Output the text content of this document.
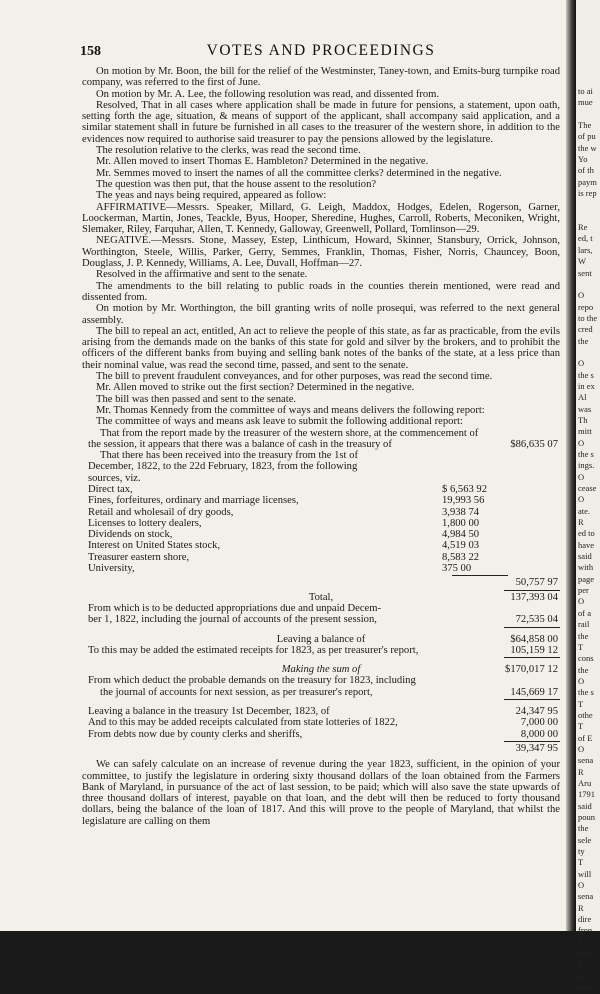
158	VOTES AND PROCEEDINGS

On motion by Mr. Boon, the bill for the relief of the Westminster, Taney-town, and Emits-burg turnpike road company, was referred to the first of June.

On motion by Mr. A. Lee, the following resolution was read, and dissented from.

Resolved, That in all cases where application shall be made in future for pensions, a statement, upon oath, setting forth the age, situation, & means of support of the applicant, shall accompany said application, and a similar statement shall in future be furnished in all cases to the treasurer of the western shore, in addition to the evidences now required to authorise said treasurer to pay the pensions allowed by the legislature.

The resolution relative to the clerks, was read the second time.

Mr. Allen moved to insert Thomas E. Hambleton? Determined in the negative.

Mr. Semmes moved to insert the names of all the committee clerks? determined in the negative.

The question was then put, that the house assent to the resolution?

The yeas and nays being required, appeared as follow:

AFFIRMATIVE—Messrs. Speaker, Millard, G. Leigh, Maddox, Hodges, Edelen, Rogerson, Garner, Loockerman, Martin, Jones, Teackle, Byus, Hooper, Sheredine, Hughes, Carroll, Roberts, Meconiken, Wright, Slemaker, Riley, Farquhar, Allen, T. Kennedy, Galloway, Greenwell, Pollard, Tomlinson—29.

NEGATIVE.—Messrs. Stone, Massey, Estep, Linthicum, Howard, Skinner, Stansbury, Orrick, Johnson, Worthington, Steele, Willis, Parker, Gerry, Semmes, Franklin, Thomas, Fisher, Norris, Chauncey, Boon, Douglass, J. P. Kennedy, Williams, A. Lee, Duvall, Hoffman—27.

Resolved in the affirmative and sent to the senate.

The amendments to the bill relating to public roads in the counties therein mentioned, were read and dissented from.

On motion by Mr. Worthington, the bill granting writs of nolle prosequi, was referred to the next general assembly.

The bill to repeal an act, entitled, An act to relieve the people of this state, as far as practicable, from the evils arising from the demands made on the banks of this state for gold and silver by the brokers, and to prohibit the officers of the different banks from buying and selling bank notes of the banks of the state, at a less price than their nominal value, was read the second time, passed, and sent to the senate.

The bill to prevent fraudulent conveyances, and for other purposes, was read the second time.

Mr. Allen moved to strike out the first section? Determined in the negative.

The bill was then passed and sent to the senate.

Mr. Thomas Kennedy from the committee of ways and means delivers the following report:

The committee of ways and means ask leave to submit the following additional report:

That from the report made by the treasurer of the western shore, at the commencement of
the session, it appears that there was a balance of cash in the treasury of	$86,635 07
That there has been received into the treasury from the 1st of
December, 1822, to the 22d February, 1823, from the following
sources, viz.
Direct tax,	$ 6,563 92
Fines, forfeitures, ordinary and marriage licenses,	19,993 56
Retail and wholesail of dry goods,	3,938 74
Licenses to lottery dealers,	1,800 00
Dividends on stock,	4,984 50
Interest on United States stock,	4,519 03
Treasurer eastern shore,	8,583 22
University,	375 00
50,757 97
Total,	137,393 04
From which is to be deducted appropriations due and unpaid Decem-
ber 1, 1822, including the journal of accounts of the present session,	72,535 04
Leaving a balance of	$64,858 00
To this may be added the estimated receipts for 1823, as per treasurer's report,	105,159 12
Making the sum of	$170,017 12
From which deduct the probable demands on the treasury for 1823, including
the journal of accounts for next session, as per treasurer's report,	145,669 17
Leaving a balance in the treasury 1st December, 1823, of	24,347 95
And to this may be added receipts calculated from state lotteries of 1822,	7,000 00
From debts now due by county clerks and sheriffs,	8,000 00
39,347 95

We can safely calculate on an increase of revenue during the year 1823, sufficient, in the opinion of your committee, to justify the legislature in ordering sixty thousand dollars of the loan obtained from the Farmers Bank of Maryland, in pursuance of the act of last session, to be paid; which will also save the state upwards of three thousand dollars of interest, payable on that loan, and the debt will then be reduced to forty thousand dollars, being the balance of the loan of 1817. And this will prove to the people of Maryland, that whilst the legislature are calling on them

to ai
mue
The
of pu
the w
Yo
of th
paym
is rep
Re
ed, t
lars,
W
sent
O
repo
to the
cred
the
O
the s
in ex
Al
was
Th
mitt
O
the s
ings.
O
cease
O
ate.
R
ed to
have
said
with
page
per
O
of a
rail
the
T
cons
the
O
the s
T
othe
T
of E
O
sena
R
Aru
1791
said
poun
the
sele
ty
T
will
O
sena
R
dire
fron
T
reac
T
to,
and
